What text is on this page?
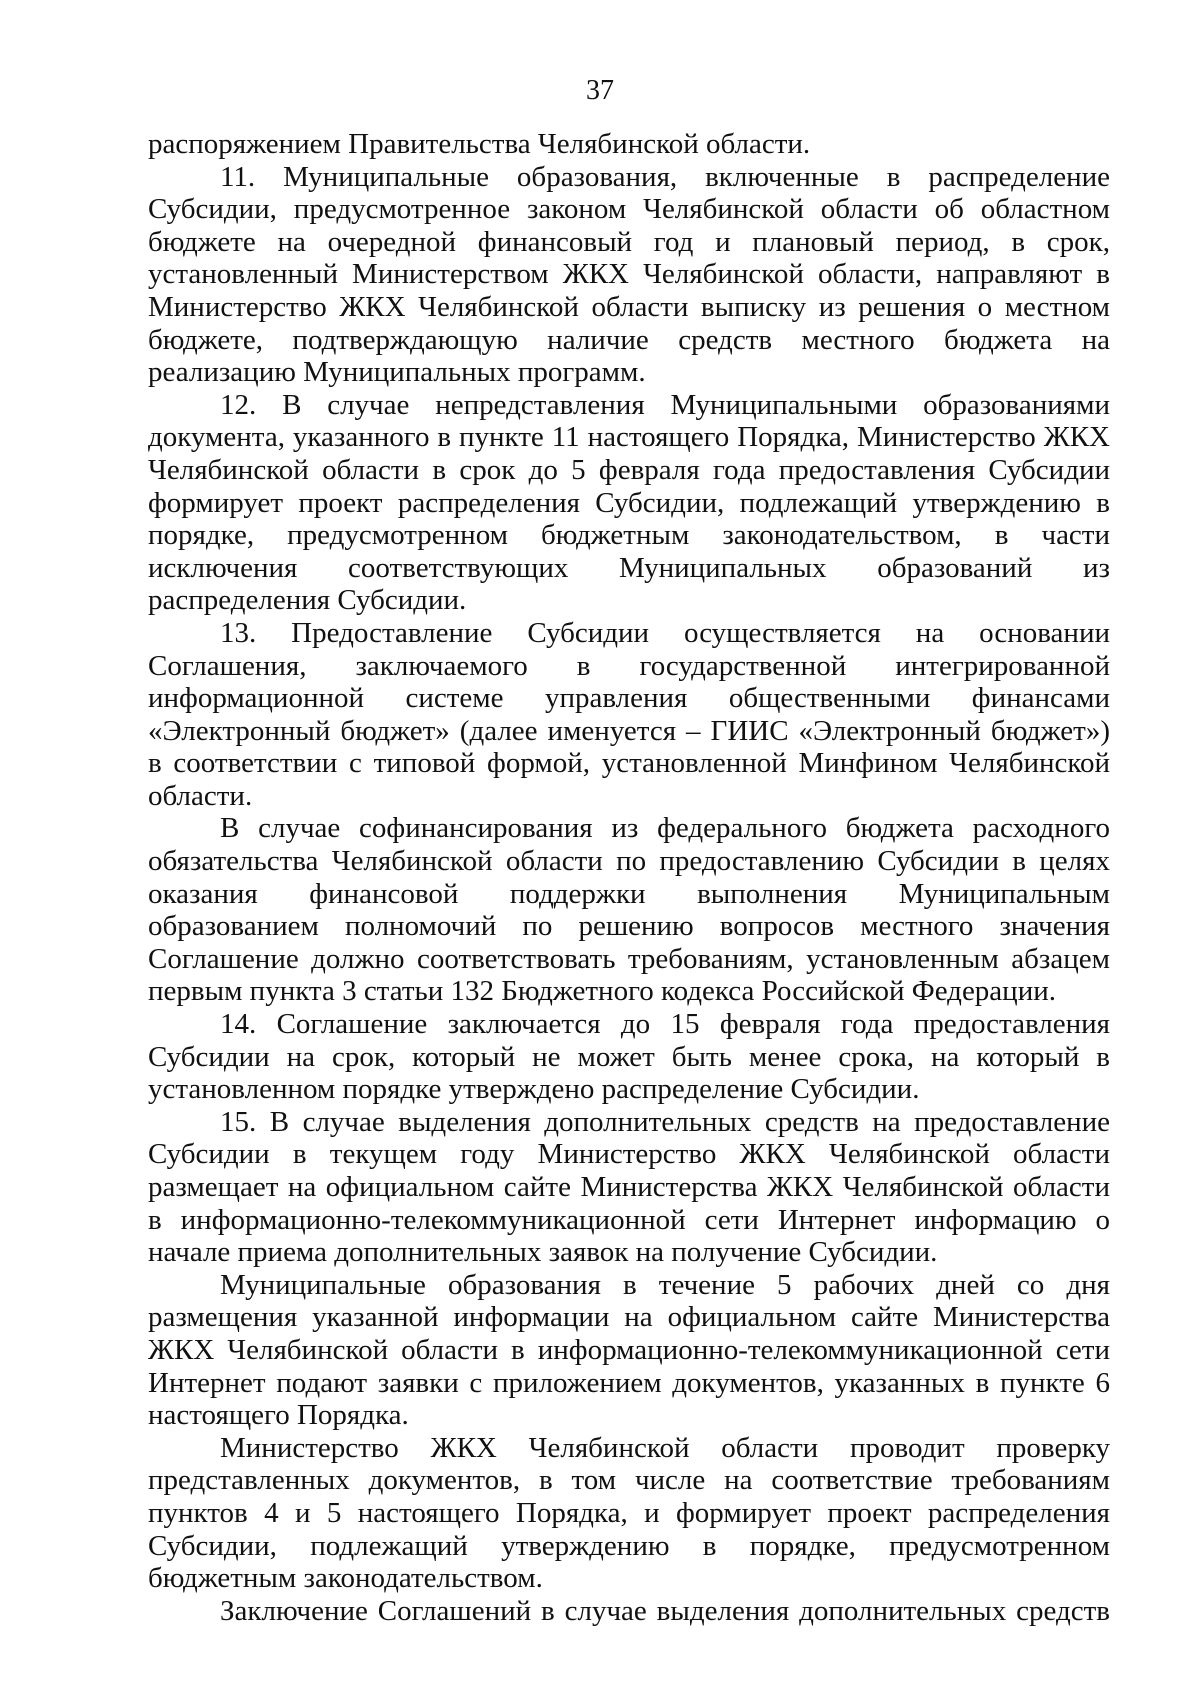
37

распоряжением Правительства Челябинской области.

11. Муниципальные образования, включенные в распределение Субсидии, предусмотренное законом Челябинской области об областном бюджете на очередной финансовый год и плановый период, в срок, установленный Министерством ЖКХ Челябинской области, направляют в Министерство ЖКХ Челябинской области выписку из решения о местном бюджете, подтверждающую наличие средств местного бюджета на реализацию Муниципальных программ.

12. В случае непредставления Муниципальными образованиями документа, указанного в пункте 11 настоящего Порядка, Министерство ЖКХ Челябинской области в срок до 5 февраля года предоставления Субсидии формирует проект распределения Субсидии, подлежащий утверждению в порядке, предусмотренном бюджетным законодательством, в части исключения соответствующих Муниципальных образований из распределения Субсидии.

13. Предоставление Субсидии осуществляется на основании Соглашения, заключаемого в государственной интегрированной информационной системе управления общественными финансами «Электронный бюджет» (далее именуется – ГИИС «Электронный бюджет») в соответствии с типовой формой, установленной Минфином Челябинской области.

В случае софинансирования из федерального бюджета расходного обязательства Челябинской области по предоставлению Субсидии в целях оказания финансовой поддержки выполнения Муниципальным образованием полномочий по решению вопросов местного значения Соглашение должно соответствовать требованиям, установленным абзацем первым пункта 3 статьи 132 Бюджетного кодекса Российской Федерации.

14. Соглашение заключается до 15 февраля года предоставления Субсидии на срок, который не может быть менее срока, на который в установленном порядке утверждено распределение Субсидии.

15. В случае выделения дополнительных средств на предоставление Субсидии в текущем году Министерство ЖКХ Челябинской области размещает на официальном сайте Министерства ЖКХ Челябинской области в информационно-телекоммуникационной сети Интернет информацию о начале приема дополнительных заявок на получение Субсидии.

Муниципальные образования в течение 5 рабочих дней со дня размещения указанной информации на официальном сайте Министерства ЖКХ Челябинской области в информационно-телекоммуникационной сети Интернет подают заявки с приложением документов, указанных в пункте 6 настоящего Порядка.

Министерство ЖКХ Челябинской области проводит проверку представленных документов, в том числе на соответствие требованиям пунктов 4 и 5 настоящего Порядка, и формирует проект распределения Субсидии, подлежащий утверждению в порядке, предусмотренном бюджетным законодательством.

Заключение Соглашений в случае выделения дополнительных средств
